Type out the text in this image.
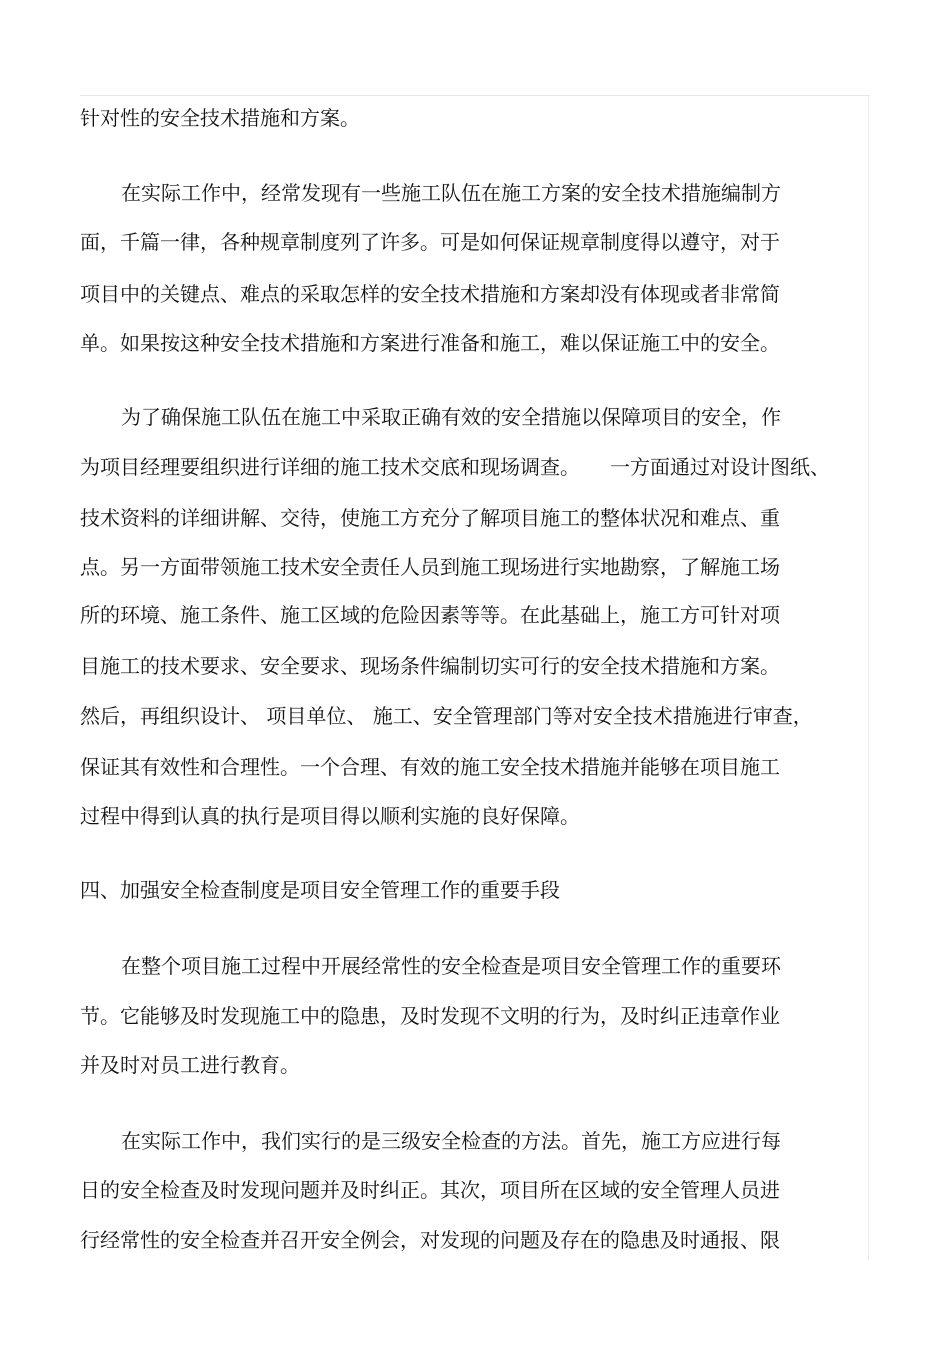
针对性的安全技术措施和方案。

在实际工作中，经常发现有一些施工队伍在施工方案的安全技术措施编制方

面，千篇一律，各种规章制度列了许多。可是如何保证规章制度得以遵守，对于

项目中的关键点、难点的采取怎样的安全技术措施和方案却没有体现或者非常简

单。如果按这种安全技术措施和方案进行准备和施工，难以保证施工中的安全。

为了确保施工队伍在施工中采取正确有效的安全措施以保障项目的安全，作

为项目经理要组织进行详细的施工技术交底和现场调查。　　一方面通过对设计图纸、

技术资料的详细讲解、交待，使施工方充分了解项目施工的整体状况和难点、重

点。另一方面带领施工技术安全责任人员到施工现场进行实地勘察，了解施工场

所的环境、施工条件、施工区域的危险因素等等。在此基础上，施工方可针对项

目施工的技术要求、安全要求、现场条件编制切实可行的安全技术措施和方案。

然后，再组织设计、 项目单位、 施工、安全管理部门等对安全技术措施进行审查，

保证其有效性和合理性。一个合理、有效的施工安全技术措施并能够在项目施工

过程中得到认真的执行是项目得以顺利实施的良好保障。

四、加强安全检查制度是项目安全管理工作的重要手段

在整个项目施工过程中开展经常性的安全检查是项目安全管理工作的重要环

节。它能够及时发现施工中的隐患，及时发现不文明的行为，及时纠正违章作业

并及时对员工进行教育。

在实际工作中，我们实行的是三级安全检查的方法。首先，施工方应进行每

日的安全检查及时发现问题并及时纠正。其次，项目所在区域的安全管理人员进

行经常性的安全检查并召开安全例会，对发现的问题及存在的隐患及时通报、限
